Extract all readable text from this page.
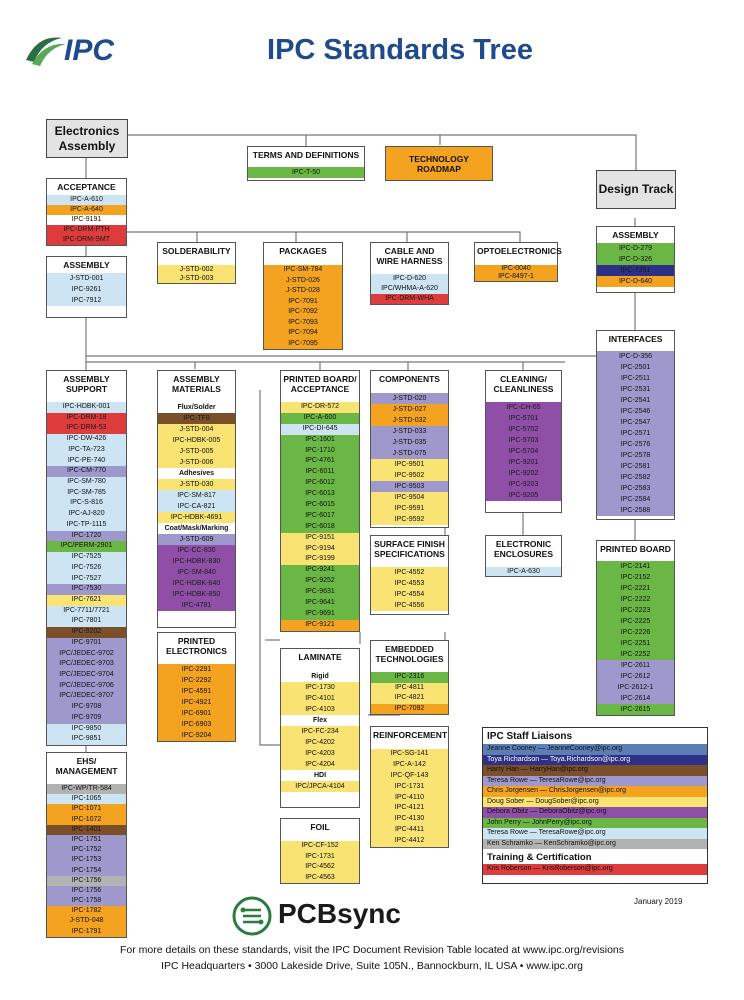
IPC	IPC Standards Tree
Electronics Assembly
Design Track
TERMS AND DEFINITIONS
IPC-T-50
TECHNOLOGY ROADMAP
ACCEPTANCE
IPC-A-610
IPC-A-640
IPC-9191
IPC-DRM-PTH
IPC-DRM-SMT
ASSEMBLY
J-STD-001
IPC-9261
IPC-7912
SOLDERABILITY
J-STD-002
J-STD-003
PACKAGES
IPC-SM-784
J-STD-026
J-STD-028
IPC-7091
IPC-7092
IPC-7093
IPC-7094
IPC-7095
CABLE AND WIRE HARNESS
IPC-D-620
IPC/WHMA-A-620
IPC-DRM-WHA
OPTOELECTRONICS
IPC-0040
IPC-8497-1
ASSEMBLY
IPC-D-279
IPC-D-326
IPC-7351
IPC-D-640
INTERFACES
IPC-D-356
IPC-2501
IPC-2511
IPC-2531
IPC-2541
IPC-2546
IPC-2547
IPC-2571
IPC-2576
IPC-2578
IPC-2581
IPC-2582
IPC-2583
IPC-2584
IPC-2588
PRINTED BOARD
IPC-2141
IPC-2152
IPC-2221
IPC-2222
IPC-2223
IPC-2225
IPC-2226
IPC-2251
IPC-2252
IPC-2611
IPC-2612
IPC-2612-1
IPC-2614
IPC-2615
ASSEMBLY SUPPORT
IPC-HDBK-001
IPC-DRM-18
IPC-DRM-53
IPC-DW-426
IPC-TA-723
IPC-PE-740
IPC-CM-770
IPC-SM-780
IPC-SM-785
IPC-S-816
IPC-AJ-820
IPC-TP-1115
IPC-1720
IPC/PERM-2901
IPC-7525
IPC-7526
IPC-7527
IPC-7530
IPC-7621
IPC-7711/7721
IPC-7801
IPC-9202
IPC-9701
IPC/JEDEC-9702
IPC/JEDEC-9703
IPC/JEDEC-9704
IPC/JEDEC-9706
IPC/JEDEC-9707
IPC-9708
IPC-9709
IPC-9850
IPC-9851
ASSEMBLY MATERIALS
Flux/Solder
IPC-TF8
J-STD-004
IPC-HDBK-005
J-STD-005
J-STD-006
Adhesives
J-STD-030
IPC-SM-817
IPC-CA-821
IPC-HDBK-4691
Coat/Mask/Marking
J-STD-609
IPC-CC-830
IPC-HDBK-830
IPC-SM-840
IPC-HDBK-840
IPC-HDBK-850
IPC-4781
PRINTED BOARD/ ACCEPTANCE
IPC-DR-572
IPC-A-600
IPC-DI-645
IPC-1601
IPC-1710
IPC-4761
IPC-6011
IPC-6012
IPC-6013
IPC-6015
IPC-6017
IPC-6018
IPC-9151
IPC-9194
IPC-9199
IPC-9241
IPC-9252
IPC-9631
IPC-9641
IPC-9691
IPC-9121
COMPONENTS
J-STD-020
J-STD-027
J-STD-032
J-STD-033
J-STD-035
J-STD-075
IPC-9501
IPC-9502
IPC-9503
IPC-9504
IPC-9591
IPC-9592
CLEANING/ CLEANLINESS
IPC-CH-65
IPC-5701
IPC-5702
IPC-5703
IPC-5704
IPC-9201
IPC-9202
IPC-9203
IPC-9205
SURFACE FINISH SPECIFICATIONS
IPC-4552
IPC-4553
IPC-4554
IPC-4556
ELECTRONIC ENCLOSURES
IPC-A-630
PRINTED ELECTRONICS
IPC-2291
IPC-2292
IPC-4591
IPC-4921
IPC-6901
IPC-6903
IPC-9204
LAMINATE
Rigid
IPC-1730
IPC-4101
IPC-4103
Flex
IPC-FC-234
IPC-4202
IPC-4203
IPC-4204
HDI
IPC/JPCA-4104
EMBEDDED TECHNOLOGIES
IPC-2316
IPC-4811
IPC-4821
IPC-7092
REINFORCEMENT
IPC-SG-141
IPC-A-142
IPC-QF-143
IPC-1731
IPC-4110
IPC-4121
IPC-4130
IPC-4411
IPC-4412
FOIL
IPC-CF-152
IPC-1731
IPC-4562
IPC-4563
EHS/ MANAGEMENT
IPC-WP/TR-584
IPC-1065
IPC-1071
IPC-1072
IPC-1401
IPC-1751
IPC-1752
IPC-1753
IPC-1754
IPC-1756
IPC-1756
IPC-1758
IPC-1782
J-STD-048
IPC-1791
IPC Staff Liaisons
Jeanne Cooney — JeanneCooney@ipc.org
Toya Richardson — Toya.Richardson@ipc.org
Harry Han — HarryHan@ipc.org
Teresa Rowe — TeresaRowe@ipc.org
Chris Jorgensen — ChrisJorgensen@ipc.org
Doug Sober — DougSober@ipc.org
Debora Obitz — DeboraObitz@ipc.org
John Perry — JohnPerry@ipc.org
Teresa Rowe — TeresaRowe@ipc.org
Ken Schramko — KenSchramko@ipc.org
Training & Certification
Kris Roberson — KrisRoberson@ipc.org
January 2019
PCBsync
For more details on these standards, visit the IPC Document Revision Table located at www.ipc.org/revisions
IPC Headquarters • 3000 Lakeside Drive, Suite 105N., Bannockburn, IL USA • www.ipc.org
